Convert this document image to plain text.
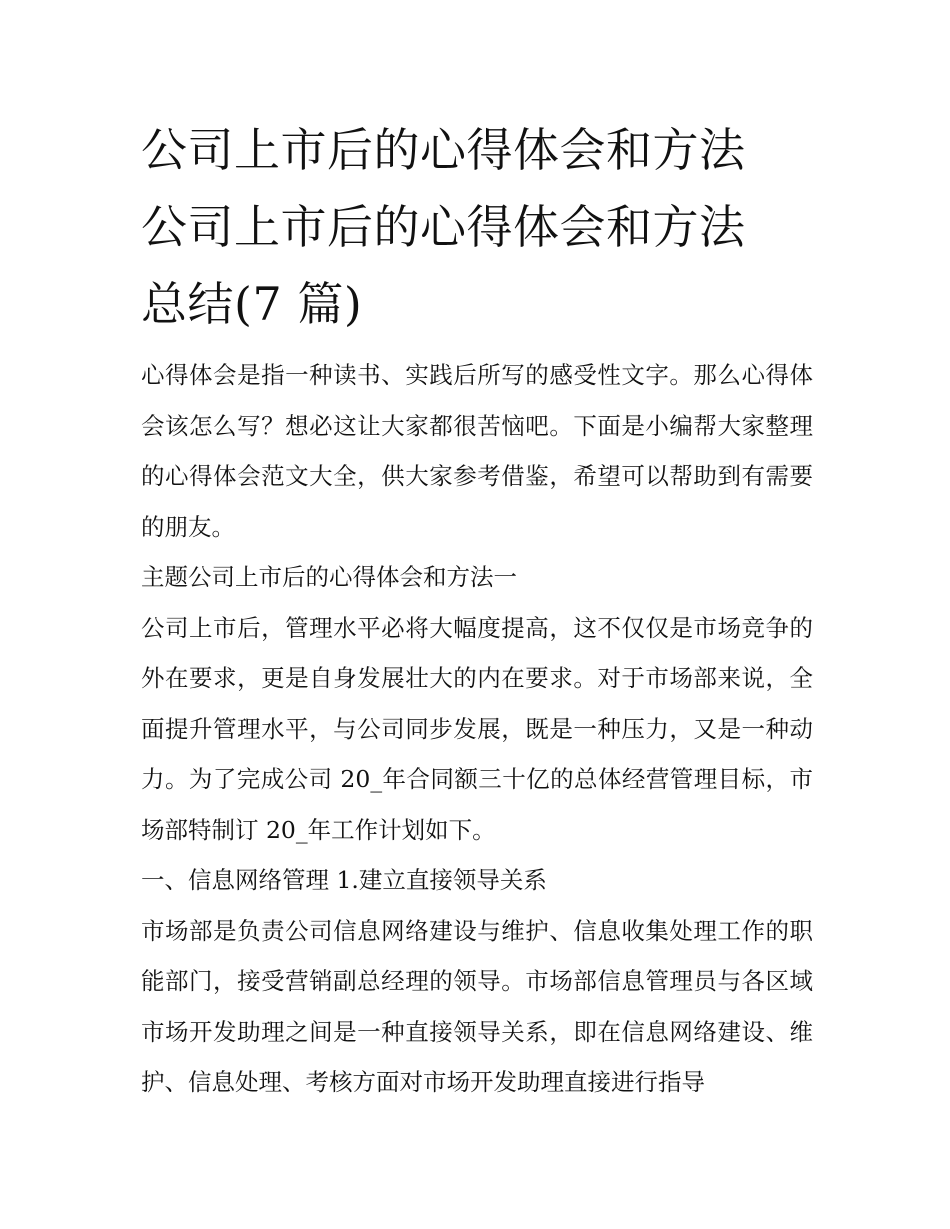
公司上市后的心得体会和方法
公司上市后的心得体会和方法
总结(7 篇)

心得体会是指一种读书、实践后所写的感受性文字。那么心得体会该怎么写？想必这让大家都很苦恼吧。下面是小编帮大家整理的心得体会范文大全，供大家参考借鉴，希望可以帮助到有需要的朋友。

主题公司上市后的心得体会和方法一

公司上市后，管理水平必将大幅度提高，这不仅仅是市场竞争的外在要求，更是自身发展壮大的内在要求。对于市场部来说，全面提升管理水平，与公司同步发展，既是一种压力，又是一种动力。为了完成公司 20_年合同额三十亿的总体经营管理目标，市场部特制订 20_年工作计划如下。

一、信息网络管理 1.建立直接领导关系

市场部是负责公司信息网络建设与维护、信息收集处理工作的职能部门，接受营销副总经理的领导。市场部信息管理员与各区域市场开发助理之间是一种直接领导关系，即在信息网络建设、维护、信息处理、考核方面对市场开发助理直接进行指导
